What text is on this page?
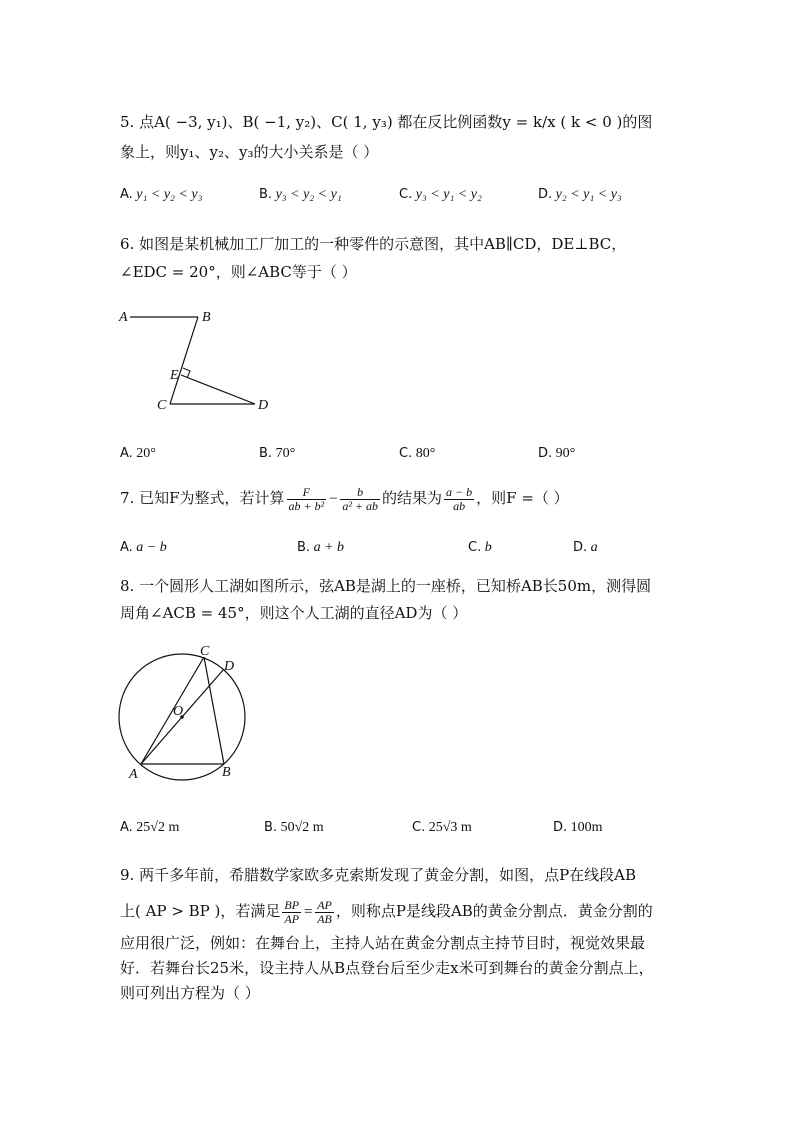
5. 点A( −3, y₁)、B( −1, y₂)、C( 1, y₃) 都在反比例函数y = k/x ( k < 0 )的图
象上，则y₁、y₂、y₃的大小关系是（ ）
A. y₁ < y₂ < y₃	B. y₃ < y₂ < y₁	C. y₃ < y₁ < y₂	D. y₂ < y₁ < y₃
6. 如图是某机械加工厂加工的一种零件的示意图，其中AB∥CD，DE⊥BC，
∠EDC = 20°，则∠ABC等于（ ）
A	B
E
C	D
A. 20°	B. 70°	C. 80°	D. 90°
7. 已知F为整式，若计算 $\frac{F}{\text{ab + b²}} - \frac{b}{\text{a² + ab}}$ 的结果为 $\frac{a - b}{ab}$ ，则F =（ ）
A. a − b	B. a + b	C. b	D. a
8. 一个圆形人工湖如图所示，弦AB是湖上的一座桥，已知桥AB长50m，测得圆
周角∠ACB = 45°，则这个人工湖的直径AD为（ ）
O
C
D
A	B
A. 25√2 m	B. 50√2 m	C. 25√3 m	D. 100m
9. 两千多年前，希腊数学家欧多克索斯发现了黄金分割，如图，点P在线段AB
上( AP > BP )，若满足 $\frac{BP}{AP} = \frac{AP}{AB}$ ，则称点P是线段AB的黄金分割点．黄金分割的
应用很广泛，例如：在舞台上，主持人站在黄金分割点主持节目时，视觉效果最
好．若舞台长25米，设主持人从B点登台后至少走x米可到舞台的黄金分割点上，
则可列出方程为（ ）
